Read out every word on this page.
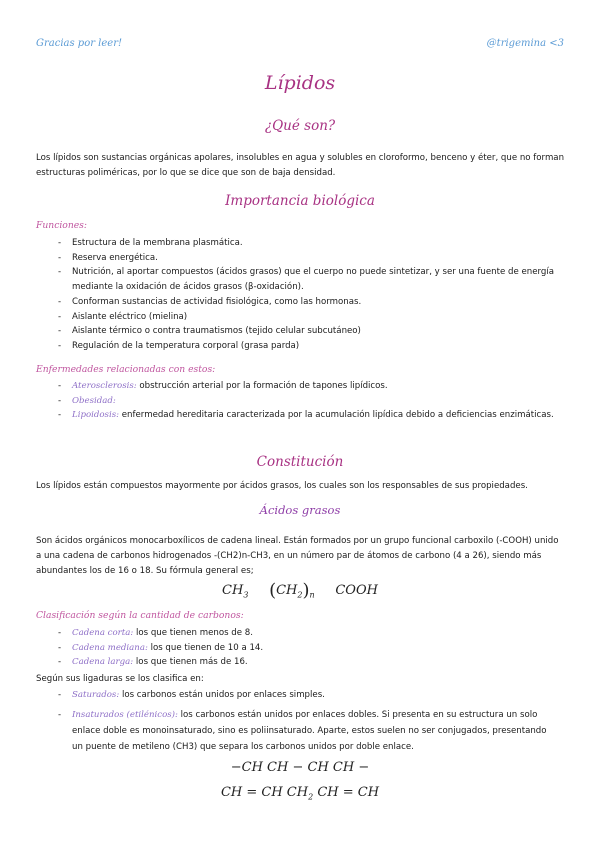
Gracias por leer!	@trigemina <3
Lípidos
¿Qué son?
Los lípidos son sustancias orgánicas apolares, insolubles en agua y solubles en cloroformo, benceno y éter, que no forman estructuras poliméricas, por lo que se dice que son de baja densidad.
Importancia biológica
Funciones:
- Estructura de la membrana plasmática.
- Reserva energética.
- Nutrición, al aportar compuestos (ácidos grasos) que el cuerpo no puede sintetizar, y ser una fuente de energía mediante la oxidación de ácidos grasos (β-oxidación).
- Conforman sustancias de actividad fisiológica, como las hormonas.
- Aislante eléctrico (mielina)
- Aislante térmico o contra traumatismos (tejido celular subcutáneo)
- Regulación de la temperatura corporal (grasa parda)
Enfermedades relacionadas con estos:
- Aterosclerosis: obstrucción arterial por la formación de tapones lipídicos.
- Obesidad:
- Lipoidosis: enfermedad hereditaria caracterizada por la acumulación lipídica debido a deficiencias enzimáticas.
Constitución
Los lípidos están compuestos mayormente por ácidos grasos, los cuales son los responsables de sus propiedades.
Ácidos grasos
Son ácidos orgánicos monocarboxílicos de cadena lineal. Están formados por un grupo funcional carboxilo (-COOH) unido a una cadena de carbonos hidrogenados -(CH2)n-CH3, en un número par de átomos de carbono (4 a 26), siendo más abundantes los de 16 o 18. Su fórmula general es;
$CH_3$ $(CH_2)_n$ COOH
Clasificación según la cantidad de carbonos:
- Cadena corta: los que tienen menos de 8.
- Cadena mediana: los que tienen de 10 a 14.
- Cadena larga: los que tienen más de 16.
Según sus ligaduras se los clasifica en:
- Saturados: los carbonos están unidos por enlaces simples.
- Insaturados (etilénicos): los carbonos están unidos por enlaces dobles. Si presenta en su estructura un solo enlace doble es monoinsaturado, sino es poliinsaturado. Aparte, estos suelen no ser conjugados, presentando un puente de metileno (CH3) que separa los carbonos unidos por doble enlace.
−CH CH − CH CH −
CH = CH $CH_2$ CH = CH
